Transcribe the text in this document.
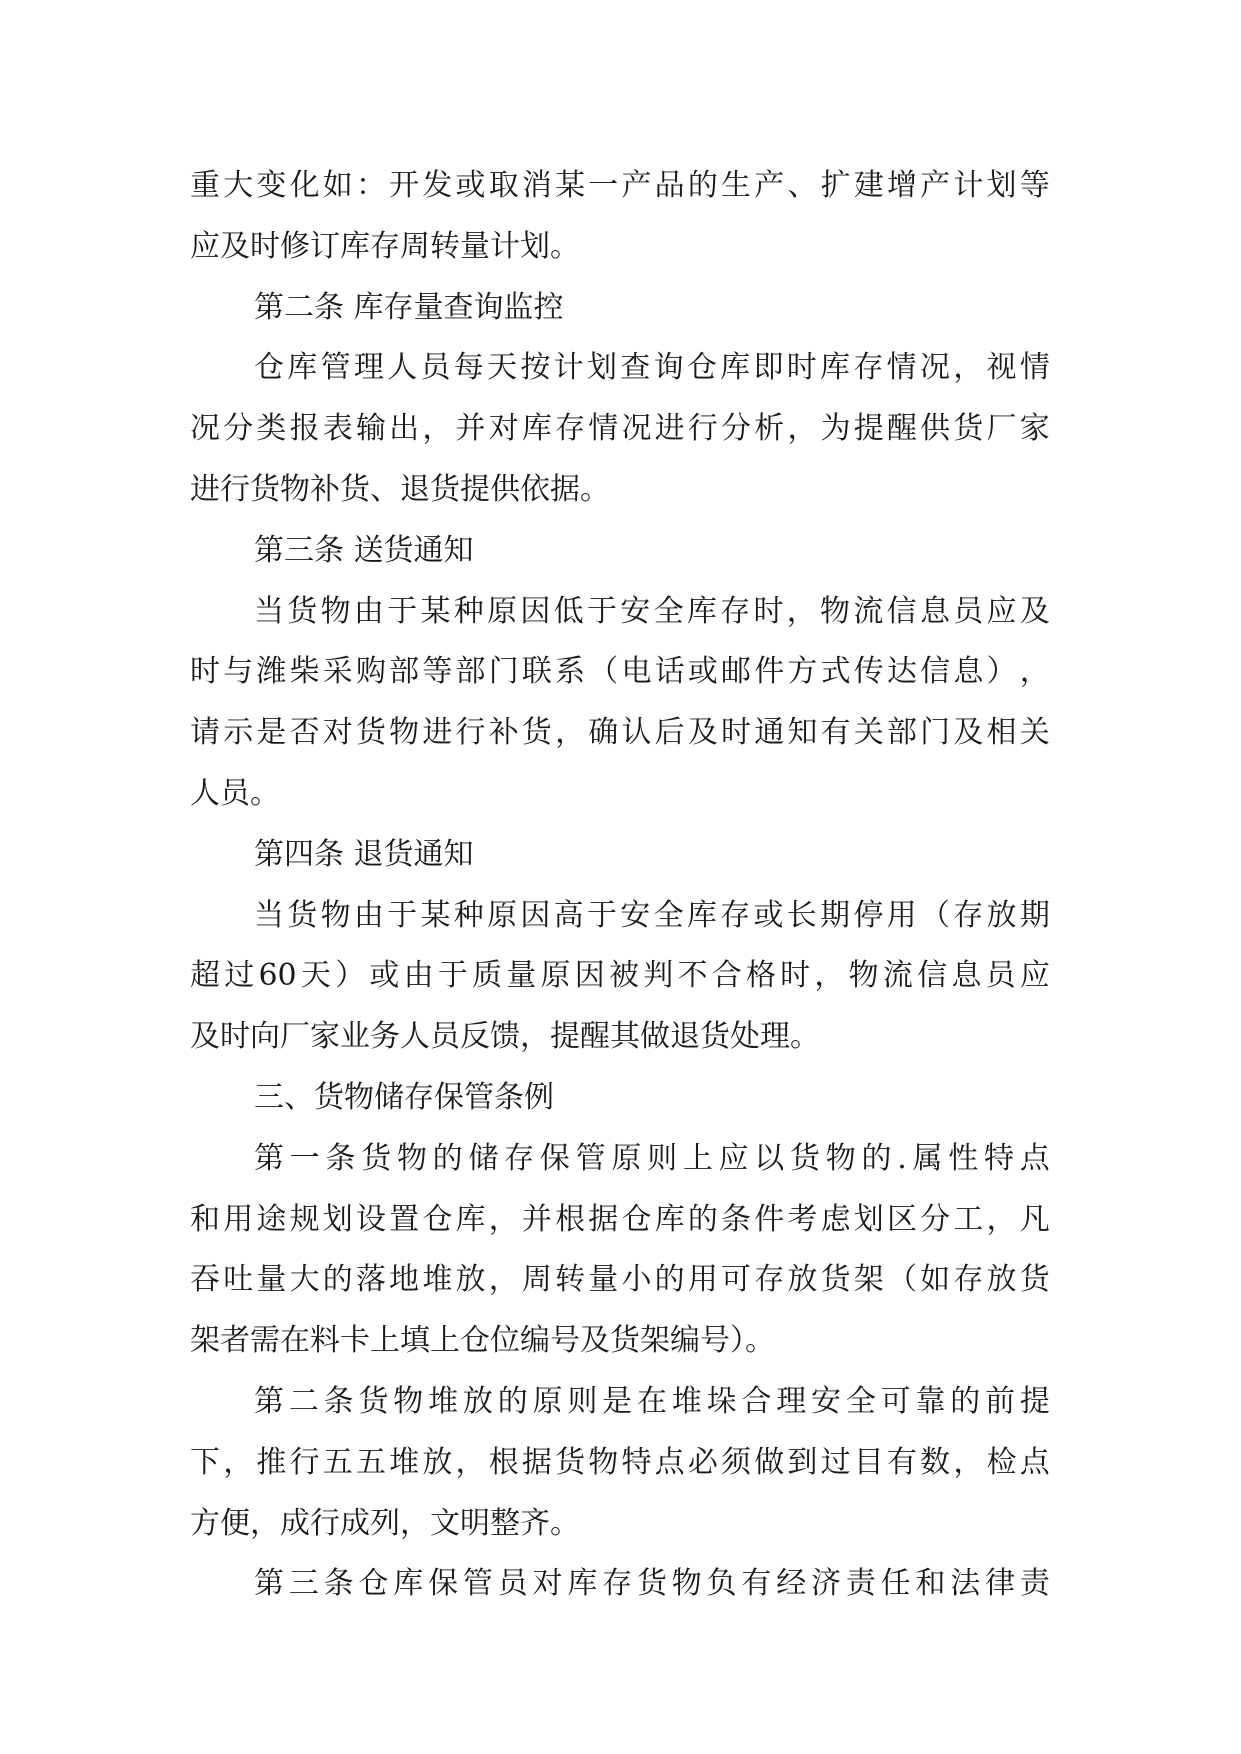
重 大 变 化 如 ： 开 发 或 取 消 某 一 产 品 的 生 产 、 扩 建 增 产 计 划 等
应及时修订库存周转量计划。
第二条 库存量查询监控
仓 库 管 理 人 员 每 天 按 计 划 查 询 仓 库 即 时 库 存 情 况 ， 视 情
况 分 类 报 表 输 出 ， 并 对 库 存 情 况 进 行 分 析 ， 为 提 醒 供 货 厂 家
进行货物补货、退货提供依据。
第三条 送货通知
当 货 物 由 于 某 种 原 因 低 于 安 全 库 存 时 ， 物 流 信 息 员 应 及
时 与 潍 柴 采 购 部 等 部 门 联 系 （ 电 话 或 邮 件 方 式 传 达 信 息 ） ，
请 示 是 否 对 货 物 进 行 补 货 ， 确 认 后 及 时 通 知 有 关 部 门 及 相 关
人员。
第四条 退货通知
当 货 物 由 于 某 种 原 因 高 于 安 全 库 存 或 长 期 停 用 （ 存 放 期
超 过 60 天 ） 或 由 于 质 量 原 因 被 判 不 合 格 时 ， 物 流 信 息 员 应
及时向厂家业务人员反馈，提醒其做退货处理。
三、货物储存保管条例
第 一 条 货 物 的 储 存 保 管 原 则 上 应 以 货 物 的 . 属 性 特 点
和 用 途 规 划 设 置 仓 库 ， 并 根 据 仓 库 的 条 件 考 虑 划 区 分 工 ， 凡
吞 吐 量 大 的 落 地 堆 放 ， 周 转 量 小 的 用 可 存 放 货 架 （ 如 存 放 货
架者需在料卡上填上仓位编号及货架编号）。
第 二 条 货 物 堆 放 的 原 则 是 在 堆 垛 合 理 安 全 可 靠 的 前 提
下 ， 推 行 五 五 堆 放 ， 根 据 货 物 特 点 必 须 做 到 过 目 有 数 ， 检 点
方便，成行成列，文明整齐。
第 三 条 仓 库 保 管 员 对 库 存 货 物 负 有 经 济 责 任 和 法 律 责
